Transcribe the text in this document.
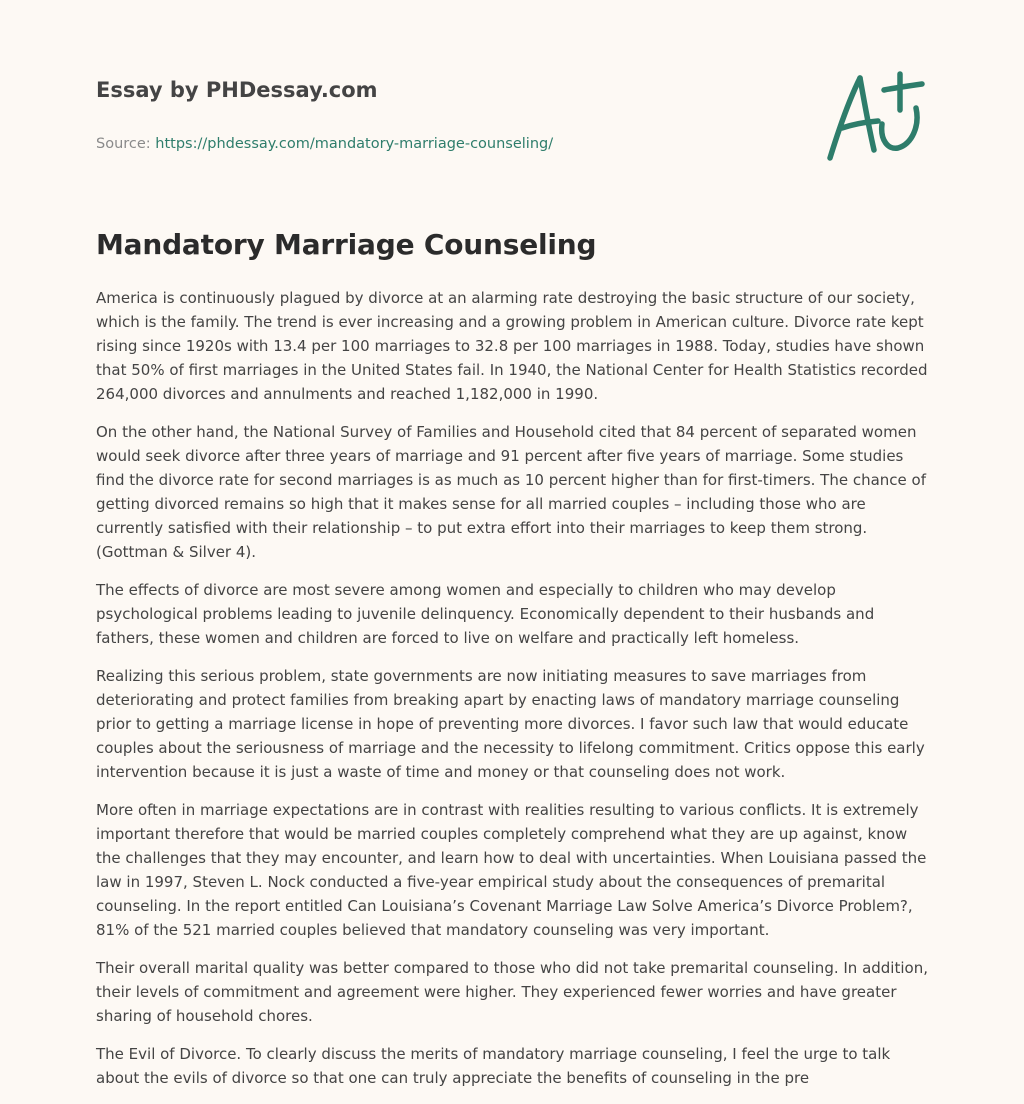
Essay by PHDessay.com
Source: https://phdessay.com/mandatory-marriage-counseling/
Mandatory Marriage Counseling

America is continuously plagued by divorce at an alarming rate destroying the basic structure of our society, which is the family. The trend is ever increasing and a growing problem in American culture. Divorce rate kept rising since 1920s with 13.4 per 100 marriages to 32.8 per 100 marriages in 1988. Today, studies have shown that 50% of first marriages in the United States fail. In 1940, the National Center for Health Statistics recorded 264,000 divorces and annulments and reached 1,182,000 in 1990.

On the other hand, the National Survey of Families and Household cited that 84 percent of separated women would seek divorce after three years of marriage and 91 percent after five years of marriage. Some studies find the divorce rate for second marriages is as much as 10 percent higher than for first-timers. The chance of getting divorced remains so high that it makes sense for all married couples – including those who are currently satisfied with their relationship – to put extra effort into their marriages to keep them strong. (Gottman & Silver 4).

The effects of divorce are most severe among women and especially to children who may develop psychological problems leading to juvenile delinquency. Economically dependent to their husbands and fathers, these women and children are forced to live on welfare and practically left homeless.

Realizing this serious problem, state governments are now initiating measures to save marriages from deteriorating and protect families from breaking apart by enacting laws of mandatory marriage counseling prior to getting a marriage license in hope of preventing more divorces. I favor such law that would educate couples about the seriousness of marriage and the necessity to lifelong commitment. Critics oppose this early intervention because it is just a waste of time and money or that counseling does not work.

More often in marriage expectations are in contrast with realities resulting to various conflicts. It is extremely important therefore that would be married couples completely comprehend what they are up against, know the challenges that they may encounter, and learn how to deal with uncertainties. When Louisiana passed the law in 1997, Steven L. Nock conducted a five-year empirical study about the consequences of premarital counseling. In the report entitled Can Louisiana’s Covenant Marriage Law Solve America’s Divorce Problem?, 81% of the 521 married couples believed that mandatory counseling was very important.

Their overall marital quality was better compared to those who did not take premarital counseling. In addition, their levels of commitment and agreement were higher. They experienced fewer worries and have greater sharing of household chores.

The Evil of Divorce. To clearly discuss the merits of mandatory marriage counseling, I feel the urge to talk about the evils of divorce so that one can truly appreciate the benefits of counseling in the pre
